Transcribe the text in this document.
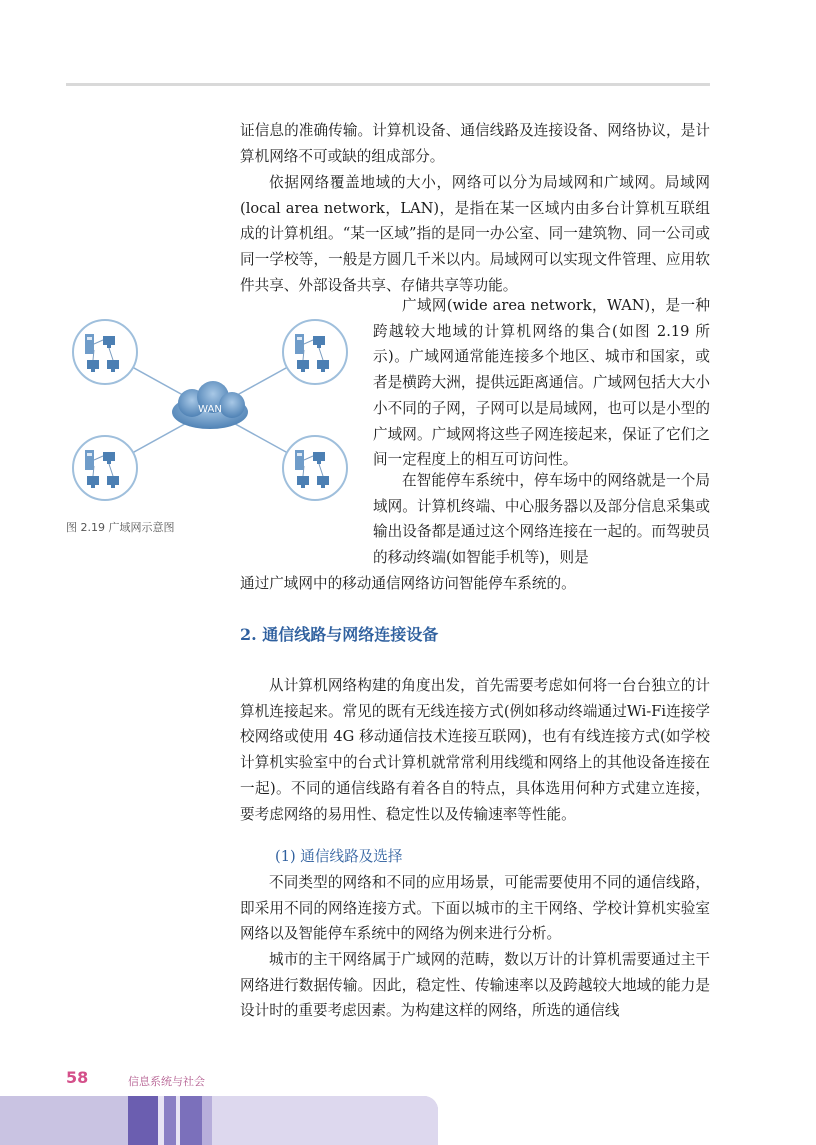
证信息的准确传输。计算机设备、通信线路及连接设备、网络协议，是计算机网络不可或缺的组成部分。

依据网络覆盖地域的大小，网络可以分为局域网和广域网。局域网(local area network，LAN)，是指在某一区域内由多台计算机互联组成的计算机组。“某一区域”指的是同一办公室、同一建筑物、同一公司或同一学校等，一般是方圆几千米以内。局域网可以实现文件管理、应用软件共享、外部设备共享、存储共享等功能。

WAN
图 2.19 广域网示意图

广域网(wide area network，WAN)，是一种跨越较大地域的计算机网络的集合(如图 2.19 所示)。广域网通常能连接多个地区、城市和国家，或者是横跨大洲，提供远距离通信。广域网包括大大小小不同的子网，子网可以是局域网，也可以是小型的广域网。广域网将这些子网连接起来，保证了它们之间一定程度上的相互可访问性。

在智能停车系统中，停车场中的网络就是一个局域网。计算机终端、中心服务器以及部分信息采集或输出设备都是通过这个网络连接在一起的。而驾驶员的移动终端(如智能手机等)，则是

通过广域网中的移动通信网络访问智能停车系统的。

2. 通信线路与网络连接设备

从计算机网络构建的角度出发，首先需要考虑如何将一台台独立的计算机连接起来。常见的既有无线连接方式(例如移动终端通过Wi-Fi连接学校网络或使用 4G 移动通信技术连接互联网)，也有有线连接方式(如学校计算机实验室中的台式计算机就常常利用线缆和网络上的其他设备连接在一起)。不同的通信线路有着各自的特点，具体选用何种方式建立连接，要考虑网络的易用性、稳定性以及传输速率等性能。

(1) 通信线路及选择

不同类型的网络和不同的应用场景，可能需要使用不同的通信线路，即采用不同的网络连接方式。下面以城市的主干网络、学校计算机实验室网络以及智能停车系统中的网络为例来进行分析。

城市的主干网络属于广域网的范畴，数以万计的计算机需要通过主干网络进行数据传输。因此，稳定性、传输速率以及跨越较大地域的能力是设计时的重要考虑因素。为构建这样的网络，所选的通信线

58	信息系统与社会
